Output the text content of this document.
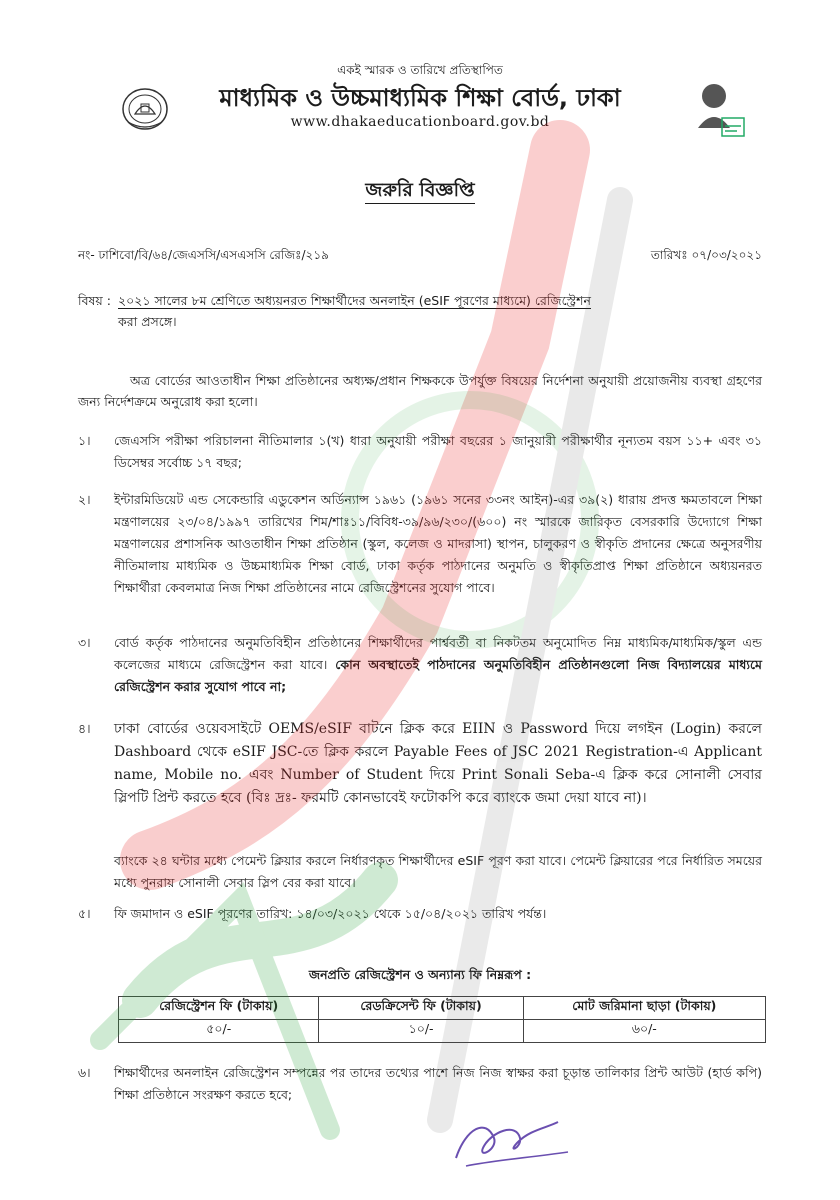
একই স্মারক ও তারিখে প্রতিস্থাপিত
মাধ্যমিক ও উচ্চমাধ্যমিক শিক্ষা বোর্ড, ঢাকা
www.dhakaeducationboard.gov.bd
জরুরি বিজ্ঞপ্তি
নং- ঢাশিবো/বি/৬৪/জেএসসি/এসএসসি রেজিঃ/২১৯	তারিখঃ ০৭/০৩/২০২১
বিষয় : ২০২১ সালের ৮ম শ্রেণিতে অধ্যয়নরত শিক্ষার্থীদের অনলাইন (eSIF পূরণের মাধ্যমে) রেজিস্ট্রেশন
করা প্রসঙ্গে।
অত্র বোর্ডের আওতাধীন শিক্ষা প্রতিষ্ঠানের অধ্যক্ষ/প্রধান শিক্ষককে উপর্যুক্ত বিষয়ের নির্দেশনা অনুযায়ী প্রয়োজনীয় ব্যবস্থা গ্রহণের জন্য নির্দেশক্রমে অনুরোধ করা হলো।
১। জেএসসি পরীক্ষা পরিচালনা নীতিমালার ১(খ) ধারা অনুযায়ী পরীক্ষা বছরের ১ জানুয়ারী পরীক্ষার্থীর নূন্যতম বয়স ১১+ এবং ৩১ ডিসেম্বর সর্বোচ্চ ১৭ বছর;
২। ইন্টারমিডিয়েট এন্ড সেকেন্ডারি এডুকেশন অর্ডিন্যান্স ১৯৬১ (১৯৬১ সনের ৩৩নং আইন)-এর ৩৯(২) ধারায় প্রদত্ত ক্ষমতাবলে শিক্ষা মন্ত্রণালয়ের ২৩/০৪/১৯৯৭ তারিখের শিম/শাঃ১১/বিবিধ-৩৯/৯৬/২৩০/(৬০০) নং স্মারকে জারিকৃত বেসরকারি উদ্যোগে শিক্ষা মন্ত্রণালয়ের প্রশাসনিক আওতাধীন শিক্ষা প্রতিষ্ঠান (স্কুল, কলেজ ও মাদরাসা) স্থাপন, চালুকরণ ও স্বীকৃতি প্রদানের ক্ষেত্রে অনুসরণীয় নীতিমালায় মাধ্যমিক ও উচ্চমাধ্যমিক শিক্ষা বোর্ড, ঢাকা কর্তৃক পাঠদানের অনুমতি ও স্বীকৃতিপ্রাপ্ত শিক্ষা প্রতিষ্ঠানে অধ্যয়নরত শিক্ষার্থীরা কেবলমাত্র নিজ শিক্ষা প্রতিষ্ঠানের নামে রেজিস্ট্রেশনের সুযোগ পাবে।
৩। বোর্ড কর্তৃক পাঠদানের অনুমতিবিহীন প্রতিষ্ঠানের শিক্ষার্থীদের পার্শ্ববর্তী বা নিকটতম অনুমোদিত নিম্ন মাধ্যমিক/মাধ্যমিক/স্কুল এন্ড কলেজের মাধ্যমে রেজিস্ট্রেশন করা যাবে। কোন অবস্থাতেই পাঠদানের অনুমতিবিহীন প্রতিষ্ঠানগুলো নিজ বিদ্যালয়ের মাধ্যমে রেজিস্ট্রেশন করার সুযোগ পাবে না;
৪। ঢাকা বোর্ডের ওয়েবসাইটে OEMS/eSIF বাটনে ক্লিক করে EIIN ও Password দিয়ে লগইন (Login) করলে Dashboard থেকে eSIF JSC-তে ক্লিক করলে Payable Fees of JSC 2021 Registration-এ Applicant name, Mobile no. এবং Number of Student দিয়ে Print Sonali Seba-এ ক্লিক করে সোনালী সেবার স্লিপটি প্রিন্ট করতে হবে (বিঃ দ্রঃ- ফরমটি কোনভাবেই ফটোকপি করে ব্যাংকে জমা দেয়া যাবে না)।
ব্যাংকে ২৪ ঘন্টার মধ্যে পেমেন্ট ক্লিয়ার করলে নির্ধারণকৃত শিক্ষার্থীদের eSIF পূরণ করা যাবে। পেমেন্ট ক্লিয়ারের পরে নির্ধারিত সময়ের মধ্যে পুনরায় সোনালী সেবার স্লিপ বের করা যাবে।
৫। ফি জমাদান ও eSIF পূরণের তারিখ: ১৪/০৩/২০২১ থেকে ১৫/০৪/২০২১ তারিখ পর্যন্ত।
জনপ্রতি রেজিস্ট্রেশন ও অন্যান্য ফি নিম্নরূপ :
রেজিস্ট্রেশন ফি (টাকায়)	রেডক্রিসেন্ট ফি (টাকায়)	মোট জরিমানা ছাড়া (টাকায়)
৫০/-	১০/-	৬০/-
৬। শিক্ষার্থীদের অনলাইন রেজিস্ট্রেশন সম্পন্নের পর তাদের তথ্যের পাশে নিজ নিজ স্বাক্ষর করা চূড়ান্ত তালিকার প্রিন্ট আউট (হার্ড কপি) শিক্ষা প্রতিষ্ঠানে সংরক্ষণ করতে হবে;
